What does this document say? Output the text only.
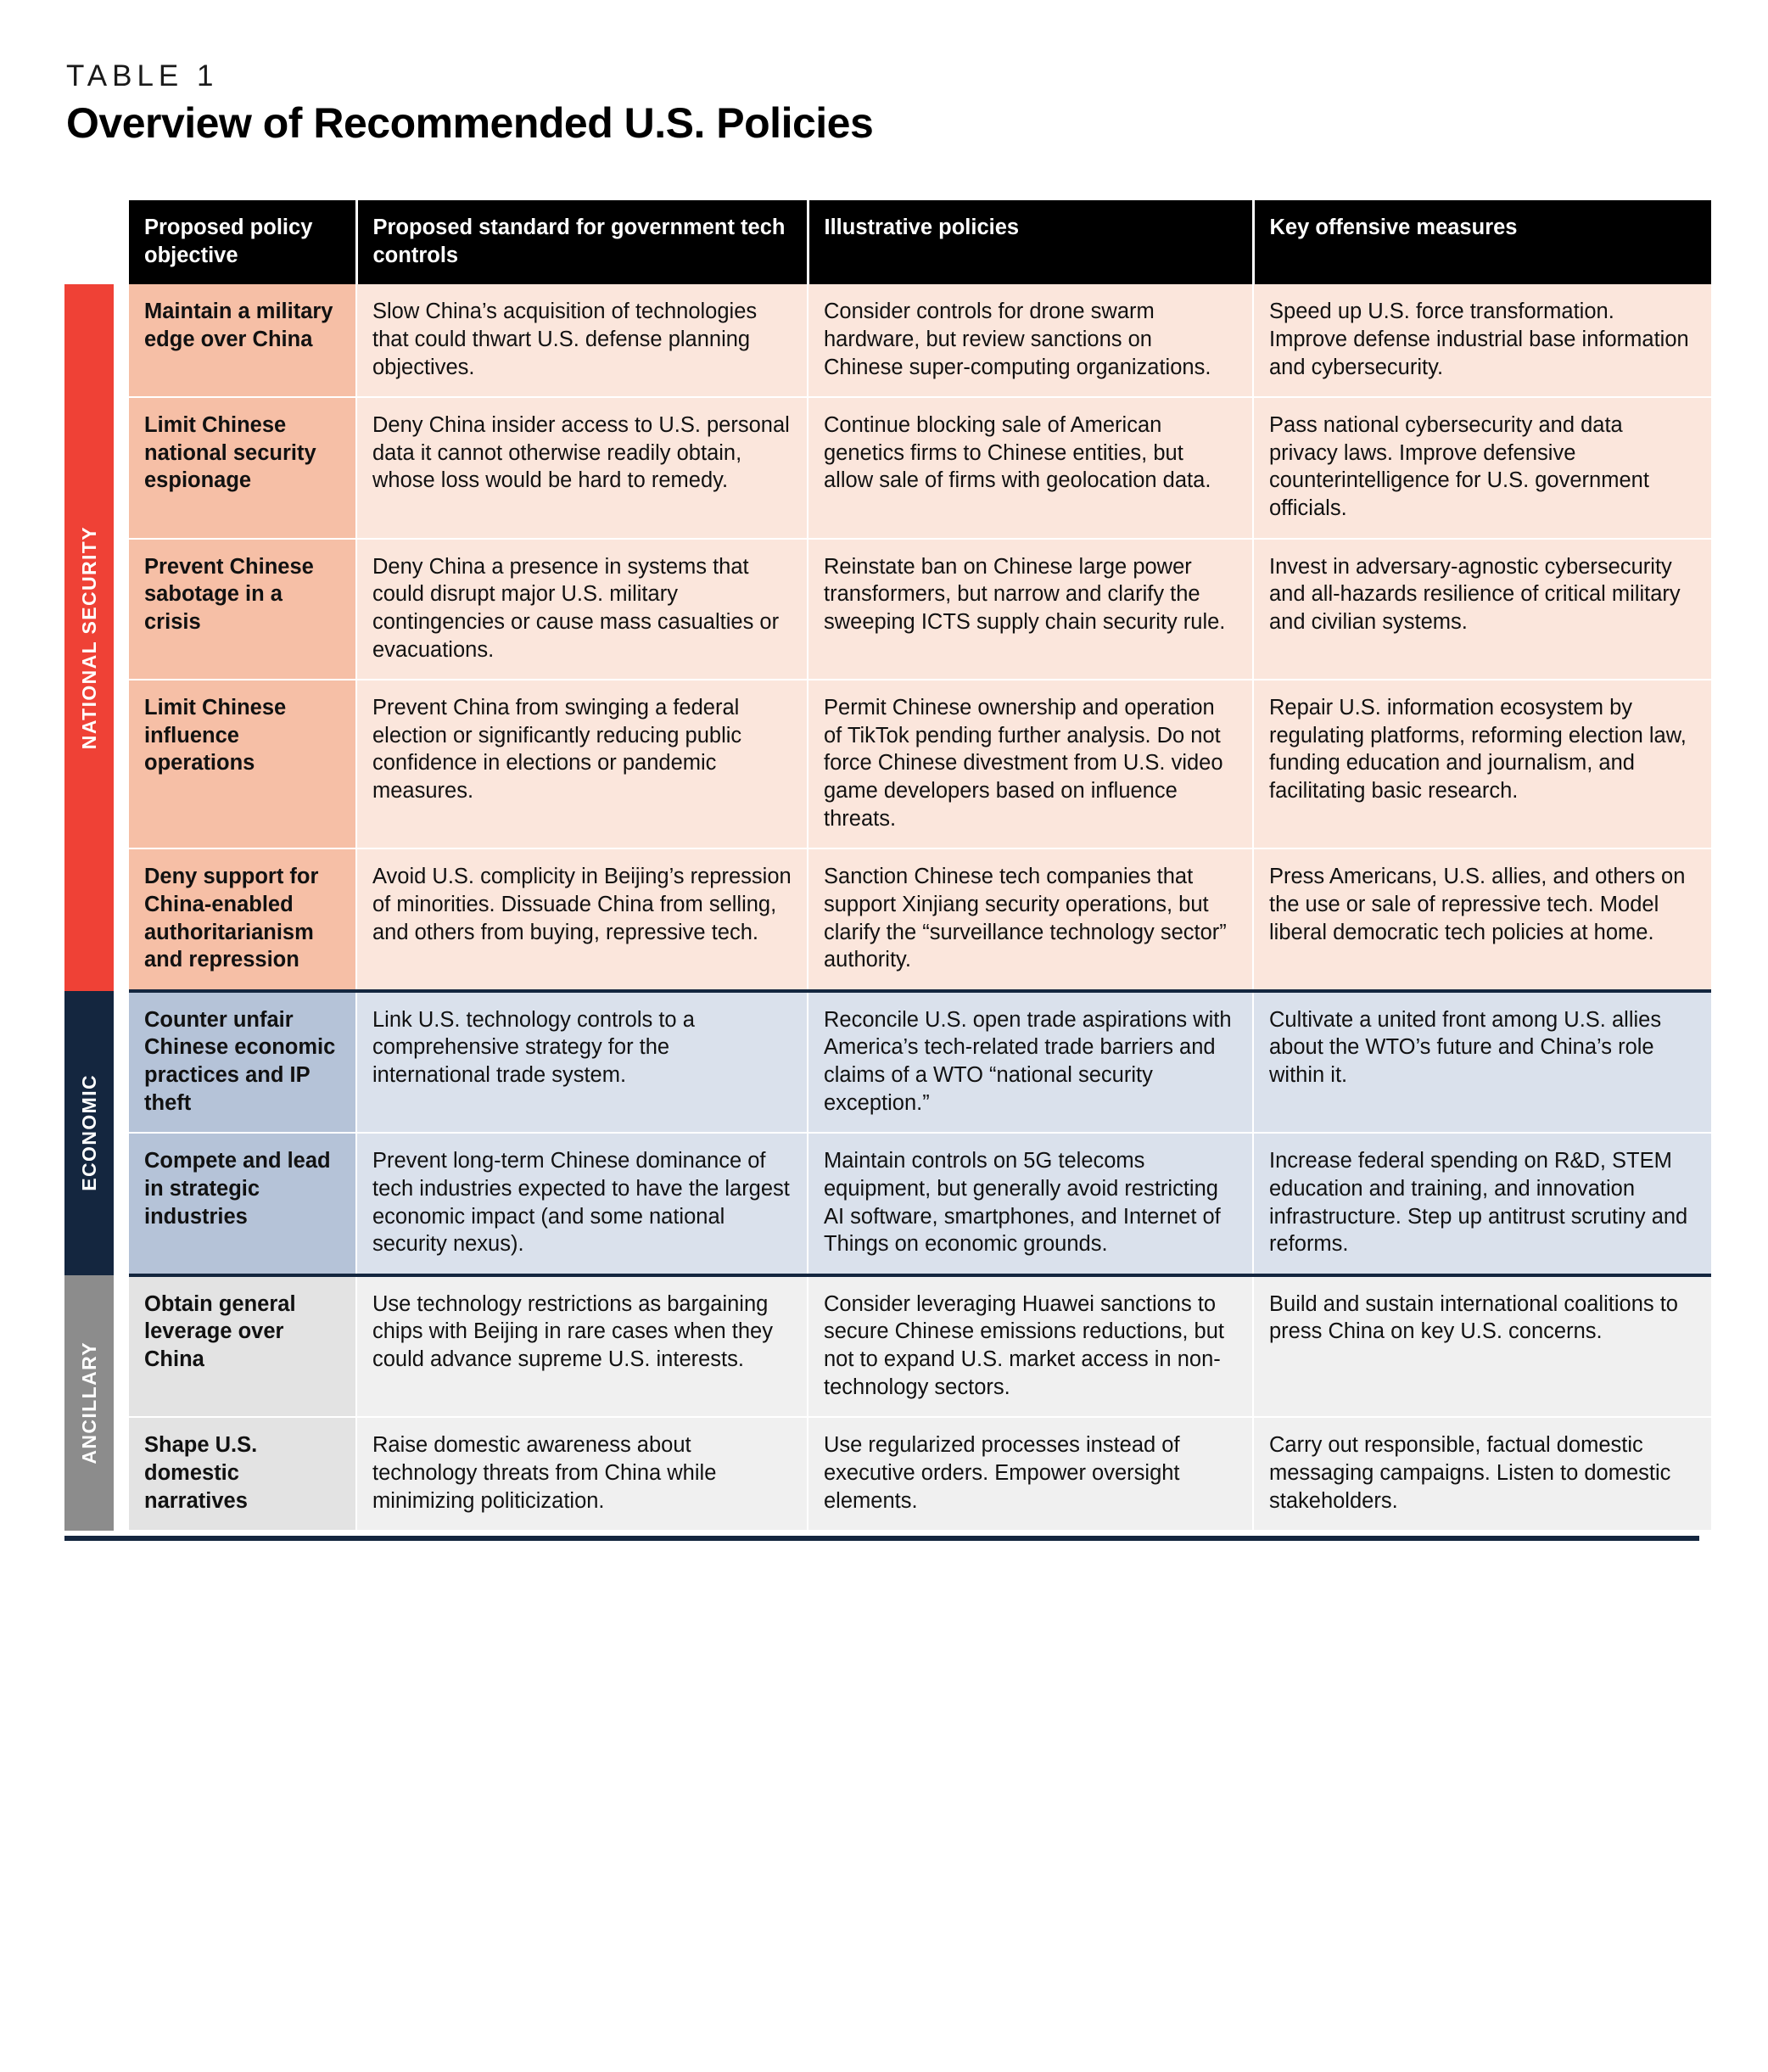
TABLE 1
Overview of Recommended U.S. Policies
NATIONAL SECURITY
ECONOMIC
ANCILLARY
Proposed policy objective	Proposed standard for government tech controls	Illustrative policies	Key offensive measures
Maintain a military edge over China	Slow China’s acquisition of technologies that could thwart U.S. defense planning objectives.	Consider controls for drone swarm hardware, but review sanctions on Chinese super-computing organizations.	Speed up U.S. force transformation. Improve defense industrial base information and cybersecurity.
Limit Chinese national security espionage	Deny China insider access to U.S. personal data it cannot otherwise readily obtain, whose loss would be hard to remedy.	Continue blocking sale of American genetics firms to Chinese entities, but allow sale of firms with geolocation data.	Pass national cybersecurity and data privacy laws. Improve defensive counterintelligence for U.S. government officials.
Prevent Chinese sabotage in a crisis	Deny China a presence in systems that could disrupt major U.S. military contingencies or cause mass casualties or evacuations.	Reinstate ban on Chinese large power transformers, but narrow and clarify the sweeping ICTS supply chain security rule.	Invest in adversary-agnostic cybersecurity and all-hazards resilience of critical military and civilian systems.
Limit Chinese influence operations	Prevent China from swinging a federal election or significantly reducing public confidence in elections or pandemic measures.	Permit Chinese ownership and operation of TikTok pending further analysis. Do not force Chinese divestment from U.S. video game developers based on influence threats.	Repair U.S. information ecosystem by regulating platforms, reforming election law, funding education and journalism, and facilitating basic research.
Deny support for China-enabled authoritarianism and repression	Avoid U.S. complicity in Beijing’s repression of minorities. Dissuade China from selling, and others from buying, repressive tech.	Sanction Chinese tech companies that support Xinjiang security operations, but clarify the “surveillance technology sector” authority.	Press Americans, U.S. allies, and others on the use or sale of repressive tech. Model liberal democratic tech policies at home.
Counter unfair Chinese economic practices and IP theft	Link U.S. technology controls to a comprehensive strategy for the international trade system.	Reconcile U.S. open trade aspirations with America’s tech-related trade barriers and claims of a WTO “national security exception.”	Cultivate a united front among U.S. allies about the WTO’s future and China’s role within it.
Compete and lead in strategic industries	Prevent long-term Chinese dominance of tech industries expected to have the largest economic impact (and some national security nexus).	Maintain controls on 5G telecoms equipment, but generally avoid restricting AI software, smartphones, and Internet of Things on economic grounds.	Increase federal spending on R&D, STEM education and training, and innovation infrastructure. Step up antitrust scrutiny and reforms.
Obtain general leverage over China	Use technology restrictions as bargaining chips with Beijing in rare cases when they could advance supreme U.S. interests.	Consider leveraging Huawei sanctions to secure Chinese emissions reductions, but not to expand U.S. market access in non-technology sectors.	Build and sustain international coalitions to press China on key U.S. concerns.
Shape U.S. domestic narratives	Raise domestic awareness about technology threats from China while minimizing politicization.	Use regularized processes instead of executive orders. Empower oversight elements.	Carry out responsible, factual domestic messaging campaigns. Listen to domestic stakeholders.
